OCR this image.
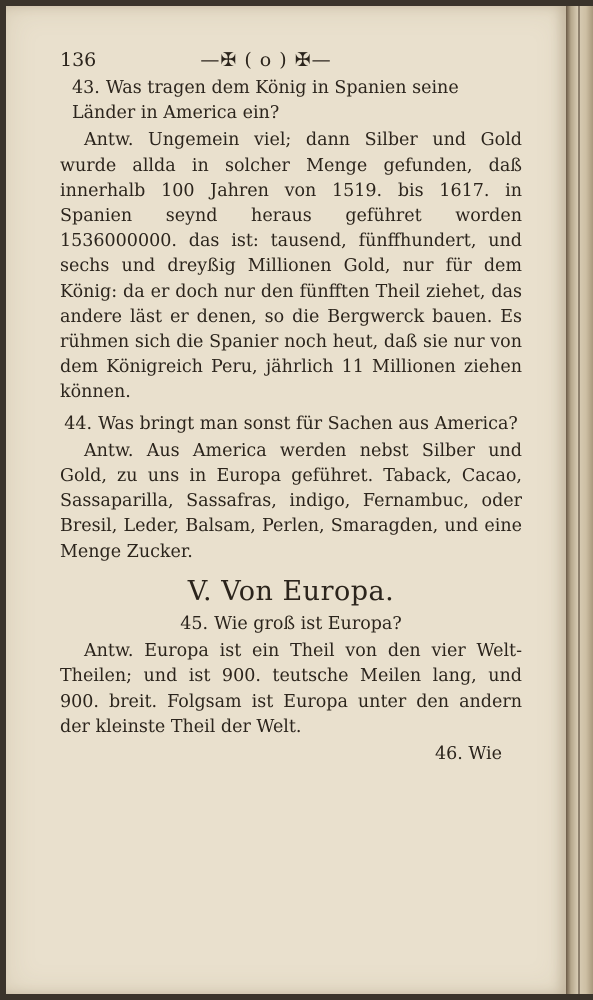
136	—✠ ( o ) ✠—

43. Was tragen dem König in Spanien seine Länder in America ein?

Antw. Ungemein viel; dann Silber und Gold wurde allda in solcher Menge gefunden, daß innerhalb 100 Jahren von 1519. bis 1617. in Spanien seynd heraus geführet worden 1536000000. das ist: tausend, fünffhundert, und sechs und dreyßig Millionen Gold, nur für dem König: da er doch nur den fünfften Theil ziehet, das andere läst er denen, so die Bergwerck bauen. Es rühmen sich die Spanier noch heut, daß sie nur von dem Königreich Peru, jährlich 11 Millionen ziehen können.

44. Was bringt man sonst für Sachen aus America?

Antw. Aus America werden nebst Silber und Gold, zu uns in Europa geführet. Taback, Cacao, Sassaparilla, Sassafras, indigo, Fernambuc, oder Bresil, Leder, Balsam, Perlen, Smaragden, und eine Menge Zucker.

V. Von Europa.

45. Wie groß ist Europa?

Antw. Europa ist ein Theil von den vier Welt-Theilen; und ist 900. teutsche Meilen lang, und 900. breit. Folgsam ist Europa unter den andern der kleinste Theil der Welt.

46. Wie
